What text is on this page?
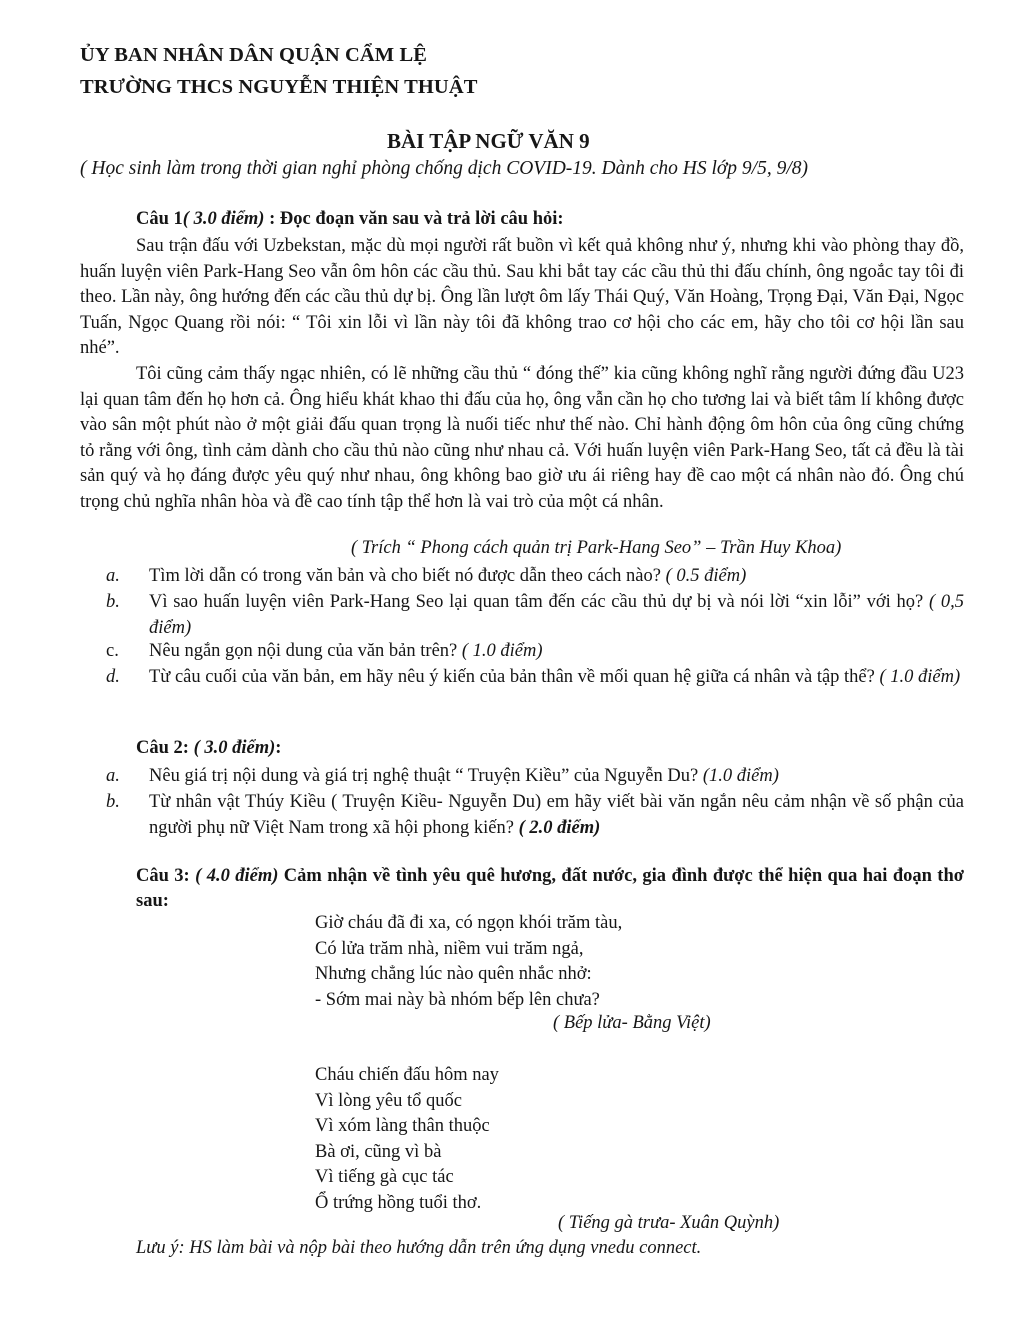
ỦY BAN NHÂN DÂN QUẬN CẨM LỆ
TRƯỜNG THCS NGUYỄN THIỆN THUẬT
BÀI TẬP NGỮ VĂN 9
( Học sinh làm trong thời gian nghỉ phòng chống dịch COVID-19. Dành cho HS lớp 9/5, 9/8)
Câu 1( 3.0 điểm) : Đọc đoạn văn sau và trả lời câu hỏi:
Sau trận đấu với Uzbekstan, mặc dù mọi người rất buồn vì kết quả không như ý, nhưng khi vào phòng thay đồ, huấn luyện viên Park-Hang Seo vẫn ôm hôn các cầu thủ. Sau khi bắt tay các cầu thủ thi đấu chính, ông ngoắc tay tôi đi theo. Lần này, ông hướng đến các cầu thủ dự bị. Ông lần lượt ôm lấy Thái Quý, Văn Hoàng, Trọng Đại, Văn Đại, Ngọc Tuấn, Ngọc Quang rồi nói: “ Tôi xin lỗi vì lần này tôi đã không trao cơ hội cho các em, hãy cho tôi cơ hội lần sau nhé”.
Tôi cũng cảm thấy ngạc nhiên, có lẽ những cầu thủ “ đóng thế” kia cũng không nghĩ rằng người đứng đầu U23 lại quan tâm đến họ hơn cả. Ông hiểu khát khao thi đấu của họ, ông vẫn cần họ cho tương lai và biết tâm lí không được vào sân một phút nào ở một giải đấu quan trọng là nuối tiếc như thế nào. Chỉ hành động ôm hôn của ông cũng chứng tỏ rằng với ông, tình cảm dành cho cầu thủ nào cũng như nhau cả. Với huấn luyện viên Park-Hang Seo, tất cả đều là tài sản quý và họ đáng được yêu quý như nhau, ông không bao giờ ưu ái riêng hay đề cao một cá nhân nào đó. Ông chú trọng chủ nghĩa nhân hòa và đề cao tính tập thể hơn là vai trò của một cá nhân.
( Trích “ Phong cách quản trị Park-Hang Seo” – Trần Huy Khoa)
a. Tìm lời dẫn có trong văn bản và cho biết nó được dẫn theo cách nào? ( 0.5 điểm)
b. Vì sao huấn luyện viên Park-Hang Seo lại quan tâm đến các cầu thủ dự bị và nói lời “xin lỗi” với họ? ( 0,5 điểm)
c. Nêu ngắn gọn nội dung của văn bản trên? ( 1.0 điểm)
d. Từ câu cuối của văn bản, em hãy nêu ý kiến của bản thân về mối quan hệ giữa cá nhân và tập thể? ( 1.0 điểm)
Câu 2: ( 3.0 điểm):
a. Nêu giá trị nội dung và giá trị nghệ thuật “ Truyện Kiều” của Nguyễn Du? (1.0 điểm)
b. Từ nhân vật Thúy Kiều ( Truyện Kiều- Nguyễn Du) em hãy viết bài văn ngắn nêu cảm nhận về số phận của người phụ nữ Việt Nam trong xã hội phong kiến? ( 2.0 điểm)
Câu 3: ( 4.0 điểm) Cảm nhận về tình yêu quê hương, đất nước, gia đình được thể hiện qua hai đoạn thơ sau:
Giờ cháu đã đi xa, có ngọn khói trăm tàu,
Có lửa trăm nhà, niềm vui trăm ngả,
Nhưng chẳng lúc nào quên nhắc nhở:
- Sớm mai này bà nhóm bếp lên chưa?
( Bếp lửa- Bằng Việt)
Cháu chiến đấu hôm nay
Vì lòng yêu tổ quốc
Vì xóm làng thân thuộc
Bà ơi, cũng vì bà
Vì tiếng gà cục tác
Ổ trứng hồng tuổi thơ.
( Tiếng gà trưa- Xuân Quỳnh)
Lưu ý: HS làm bài và nộp bài theo hướng dẫn trên ứng dụng vnedu connect.
